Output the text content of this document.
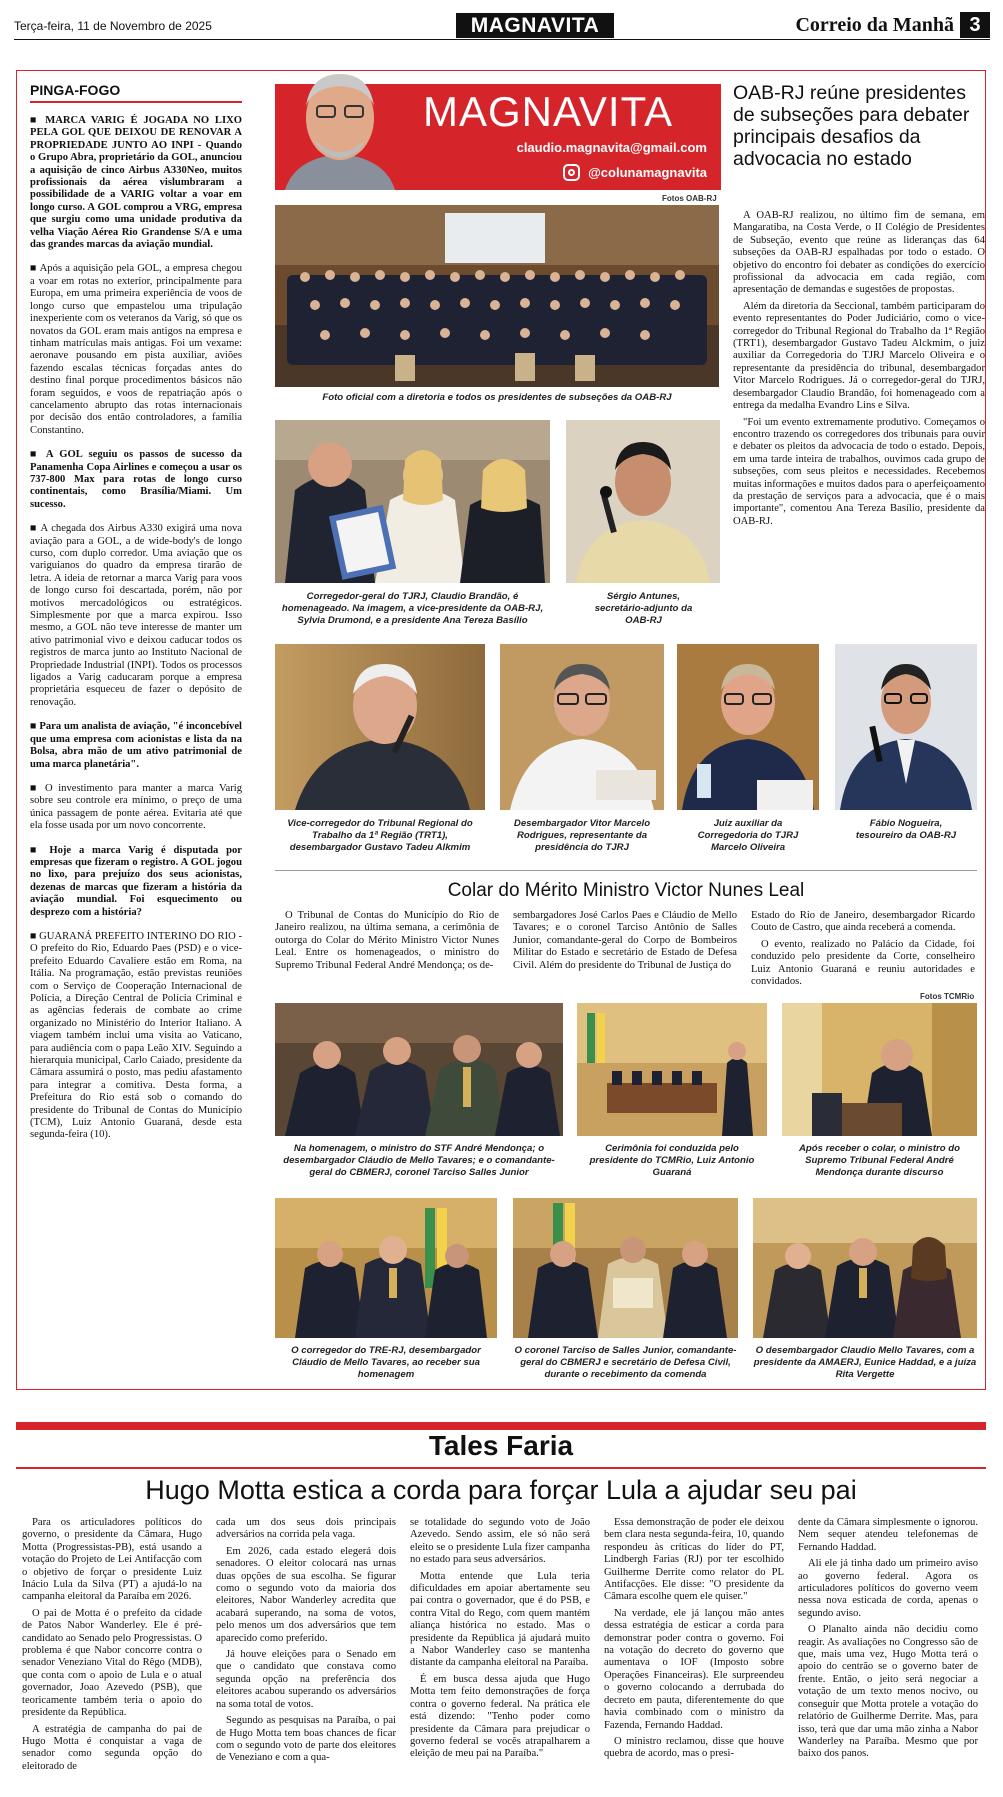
Terça-feira, 11 de Novembro de 2025	MAGNAVITA	Correio da Manhã 3
PINGA-FOGO

■ MARCA VARIG É JOGADA NO LIXO PELA GOL QUE DEIXOU DE RENOVAR A PROPRIEDADE JUNTO AO INPI - Quando o Grupo Abra, proprietário da GOL, anunciou a aquisição de cinco Airbus A330Neo, muitos profissionais da aérea vislumbraram a possibilidade de a VARIG voltar a voar em longo curso. A GOL comprou a VRG, empresa que surgiu como uma unidade produtiva da velha Viação Aérea Rio Grandense S/A e uma das grandes marcas da aviação mundial.

■ Após a aquisição pela GOL, a empresa chegou a voar em rotas no exterior, principalmente para Europa, em uma primeira experiência de voos de longo curso que empastelou uma tripulação inexperiente com os veteranos da Varig, só que os novatos da GOL eram mais antigos na empresa e tinham matrículas mais antigas. Foi um vexame: aeronave pousando em pista auxiliar, aviões fazendo escalas técnicas forçadas antes do destino final porque procedimentos básicos não foram seguidos, e voos de repatriação após o cancelamento abrupto das rotas internacionais por decisão dos então controladores, a família Constantino.

■ A GOL seguiu os passos de sucesso da Panamenha Copa Airlines e começou a usar os 737-800 Max para rotas de longo curso continentais, como Brasília/Miami. Um sucesso.

■ A chegada dos Airbus A330 exigirá uma nova aviação para a GOL, a de wide-body's de longo curso, com duplo corredor. Uma aviação que os variguianos do quadro da empresa tirarão de letra. A ideia de retornar a marca Varig para voos de longo curso foi descartada, porém, não por motivos mercadológicos ou estratégicos. Simplesmente por que a marca expirou. Isso mesmo, a GOL não teve interesse de manter um ativo patrimonial vivo e deixou caducar todos os registros de marca junto ao Instituto Nacional de Propriedade Industrial (INPI). Todos os processos ligados a Varig caducaram porque a empresa proprietária esqueceu de fazer o depósito de renovação.

■ Para um analista de aviação, "é inconcebível que uma empresa com acionistas e lista da na Bolsa, abra mão de um ativo patrimonial de uma marca planetária".

■ O investimento para manter a marca Varig sobre seu controle era mínimo, o preço de uma única passagem de ponte aérea. Evitaria até que ela fosse usada por um novo concorrente.

■ Hoje a marca Varig é disputada por empresas que fizeram o registro. A GOL jogou no lixo, para prejuízo dos seus acionistas, dezenas de marcas que fizeram a história da aviação mundial. Foi esquecimento ou desprezo com a história?

■ GUARANÁ PREFEITO INTERINO DO RIO - O prefeito do Rio, Eduardo Paes (PSD) e o vice-prefeito Eduardo Cavaliere estão em Roma, na Itália. Na programação, estão previstas reuniões com o Serviço de Cooperação Internacional de Polícia, a Direção Central de Polícia Criminal e as agências federais de combate ao crime organizado no Ministério do Interior Italiano. A viagem também inclui uma visita ao Vaticano, para audiência com o papa Leão XIV. Seguindo a hierarquia municipal, Carlo Caiado, presidente da Câmara assumirá o posto, mas pediu afastamento para integrar a comitiva. Desta forma, a Prefeitura do Rio está sob o comando do presidente do Tribunal de Contas do Município (TCM), Luiz Antonio Guaraná, desde esta segunda-feira (10).

MAGNAVITA
claudio.magnavita@gmail.com
@colunamagnavita
OAB-RJ reúne presidentes de subseções para debater principais desafios da advocacia no estado
Fotos OAB-RJ
Foto oficial com a diretoria e todos os presidentes de subseções da OAB-RJ

A OAB-RJ realizou, no último fim de semana, em Mangaratiba, na Costa Verde, o II Colégio de Presidentes de Subseção, evento que reúne as lideranças das 64 subseções da OAB-RJ espalhadas por todo o estado. O objetivo do encontro foi debater as condições do exercício profissional da advocacia em cada região, com apresentação de demandas e sugestões de propostas.

Além da diretoria da Seccional, também participaram do evento representantes do Poder Judiciário, como o vice-corregedor do Tribunal Regional do Trabalho da 1ª Região (TRT1), desembargador Gustavo Tadeu Alckmim, o juiz auxiliar da Corregedoria do TJRJ Marcelo Oliveira e o representante da presidência do tribunal, desembargador Vitor Marcelo Rodrigues. Já o corregedor-geral do TJRJ, desembargador Claudio Brandão, foi homenageado com a entrega da medalha Evandro Lins e Silva.

"Foi um evento extremamente produtivo. Começamos o encontro trazendo os corregedores dos tribunais para ouvir e debater os pleitos da advocacia de todo o estado. Depois, em uma tarde inteira de trabalhos, ouvimos cada grupo de subseções, com seus pleitos e necessidades. Recebemos muitas informações e muitos dados para o aperfeiçoamento da prestação de serviços para a advocacia, que é o mais importante", comentou Ana Tereza Basílio, presidente da OAB-RJ.

Corregedor-geral do TJRJ, Claudio Brandão, é homenageado. Na imagem, a vice-presidente da OAB-RJ, Sylvia Drumond, e a presidente Ana Tereza Basílio
Sérgio Antunes, secretário-adjunto da OAB-RJ
Vice-corregedor do Tribunal Regional do Trabalho da 1ª Região (TRT1), desembargador Gustavo Tadeu Alkmim
Desembargador Vitor Marcelo Rodrigues, representante da presidência do TJRJ
Juiz auxiliar da Corregedoria do TJRJ Marcelo Oliveira
Fábio Nogueira, tesoureiro da OAB-RJ
Colar do Mérito Ministro Victor Nunes Leal

O Tribunal de Contas do Município do Rio de Janeiro realizou, na última semana, a cerimônia de outorga do Colar do Mérito Ministro Victor Nunes Leal. Entre os homenageados, o ministro do Supremo Tribunal Federal André Mendonça; os de-

sembargadores José Carlos Paes e Cláudio de Mello Tavares; e o coronel Tarciso Antônio de Salles Junior, comandante-geral do Corpo de Bombeiros Militar do Estado e secretário de Estado de Defesa Civil. Além do presidente do Tribunal de Justiça do

Estado do Rio de Janeiro, desembargador Ricardo Couto de Castro, que ainda receberá a comenda.

O evento, realizado no Palácio da Cidade, foi conduzido pelo presidente da Corte, conselheiro Luiz Antonio Guaraná e reuniu autoridades e convidados.

Fotos TCMRio
Na homenagem, o ministro do STF André Mendonça; o desembargador Cláudio de Mello Tavares; e o comandante-geral do CBMERJ, coronel Tarciso Salles Junior
Cerimônia foi conduzida pelo presidente do TCMRio, Luiz Antonio Guaraná
Após receber o colar, o ministro do Supremo Tribunal Federal André Mendonça durante discurso
O corregedor do TRE-RJ, desembargador Cláudio de Mello Tavares, ao receber sua homenagem
O coronel Tarciso de Salles Junior, comandante-geral do CBMERJ e secretário de Defesa Civil, durante o recebimento da comenda
O desembargador Claudio Mello Tavares, com a presidente da AMAERJ, Eunice Haddad, e a juíza Rita Vergette
Tales Faria
Hugo Motta estica a corda para forçar Lula a ajudar seu pai

Para os articuladores políticos do governo, o presidente da Câmara, Hugo Motta (Progressistas-PB), está usando a votação do Projeto de Lei Antifacção com o objetivo de forçar o presidente Luiz Inácio Lula da Silva (PT) a ajudá-lo na campanha eleitoral da Paraíba em 2026.

O pai de Motta é o prefeito da cidade de Patos Nabor Wanderley. Ele é pré-candidato ao Senado pelo Progressistas. O problema é que Nabor concorre contra o senador Veneziano Vital do Rêgo (MDB), que conta com o apoio de Lula e o atual governador, Joao Azevedo (PSB), que teoricamente também teria o apoio do presidente da República.

A estratégia de campanha do pai de Hugo Motta é conquistar a vaga de senador como segunda opção do eleitorado de

cada um dos seus dois principais adversários na corrida pela vaga.

Em 2026, cada estado elegerá dois senadores. O eleitor colocará nas urnas duas opções de sua escolha. Se figurar como o segundo voto da maioria dos eleitores, Nabor Wanderley acredita que acabará superando, na soma de votos, pelo menos um dos adversários que tem aparecido como preferido.

Já houve eleições para o Senado em que o candidato que constava como segunda opção na preferência dos eleitores acabou superando os adversários na soma total de votos.

Segundo as pesquisas na Paraíba, o pai de Hugo Motta tem boas chances de ficar com o segundo voto de parte dos eleitores de Veneziano e com a qua-

se totalidade do segundo voto de João Azevedo. Sendo assim, ele só não será eleito se o presidente Lula fizer campanha no estado para seus adversários.

Motta entende que Lula teria dificuldades em apoiar abertamente seu pai contra o governador, que é do PSB, e contra Vital do Rego, com quem mantém aliança histórica no estado. Mas o presidente da República já ajudará muito a Nabor Wanderley caso se mantenha distante da campanha eleitoral na Paraíba.

É em busca dessa ajuda que Hugo Motta tem feito demonstrações de força contra o governo federal. Na prática ele está dizendo: "Tenho poder como presidente da Câmara para prejudicar o governo federal se vocês atrapalharem a eleição de meu pai na Paraíba."

Essa demonstração de poder ele deixou bem clara nesta segunda-feira, 10, quando respondeu às críticas do líder do PT, Lindbergh Farias (RJ) por ter escolhido Guilherme Derrite como relator do PL Antifacções. Ele disse: "O presidente da Câmara escolhe quem ele quiser."

Na verdade, ele já lançou mão antes dessa estratégia de esticar a corda para demonstrar poder contra o governo. Foi na votação do decreto do governo que aumentava o IOF (Imposto sobre Operações Financeiras). Ele surpreendeu o governo colocando a derrubada do decreto em pauta, diferentemente do que havia combinado com o ministro da Fazenda, Fernando Haddad.

O ministro reclamou, disse que houve quebra de acordo, mas o presi-

dente da Câmara simplesmente o ignorou. Nem sequer atendeu telefonemas de Fernando Haddad.

Ali ele já tinha dado um primeiro aviso ao governo federal. Agora os articuladores políticos do governo veem nessa nova esticada de corda, apenas o segundo aviso.

O Planalto ainda não decidiu como reagir. As avaliações no Congresso são de que, mais uma vez, Hugo Motta terá o apoio do centrão se o governo bater de frente. Então, o jeito será negociar a votação de um texto menos nocivo, ou conseguir que Motta protele a votação do relatório de Guilherme Derrite. Mas, para isso, terá que dar uma mão zinha a Nabor Wanderley na Paraíba. Mesmo que por baixo dos panos.
